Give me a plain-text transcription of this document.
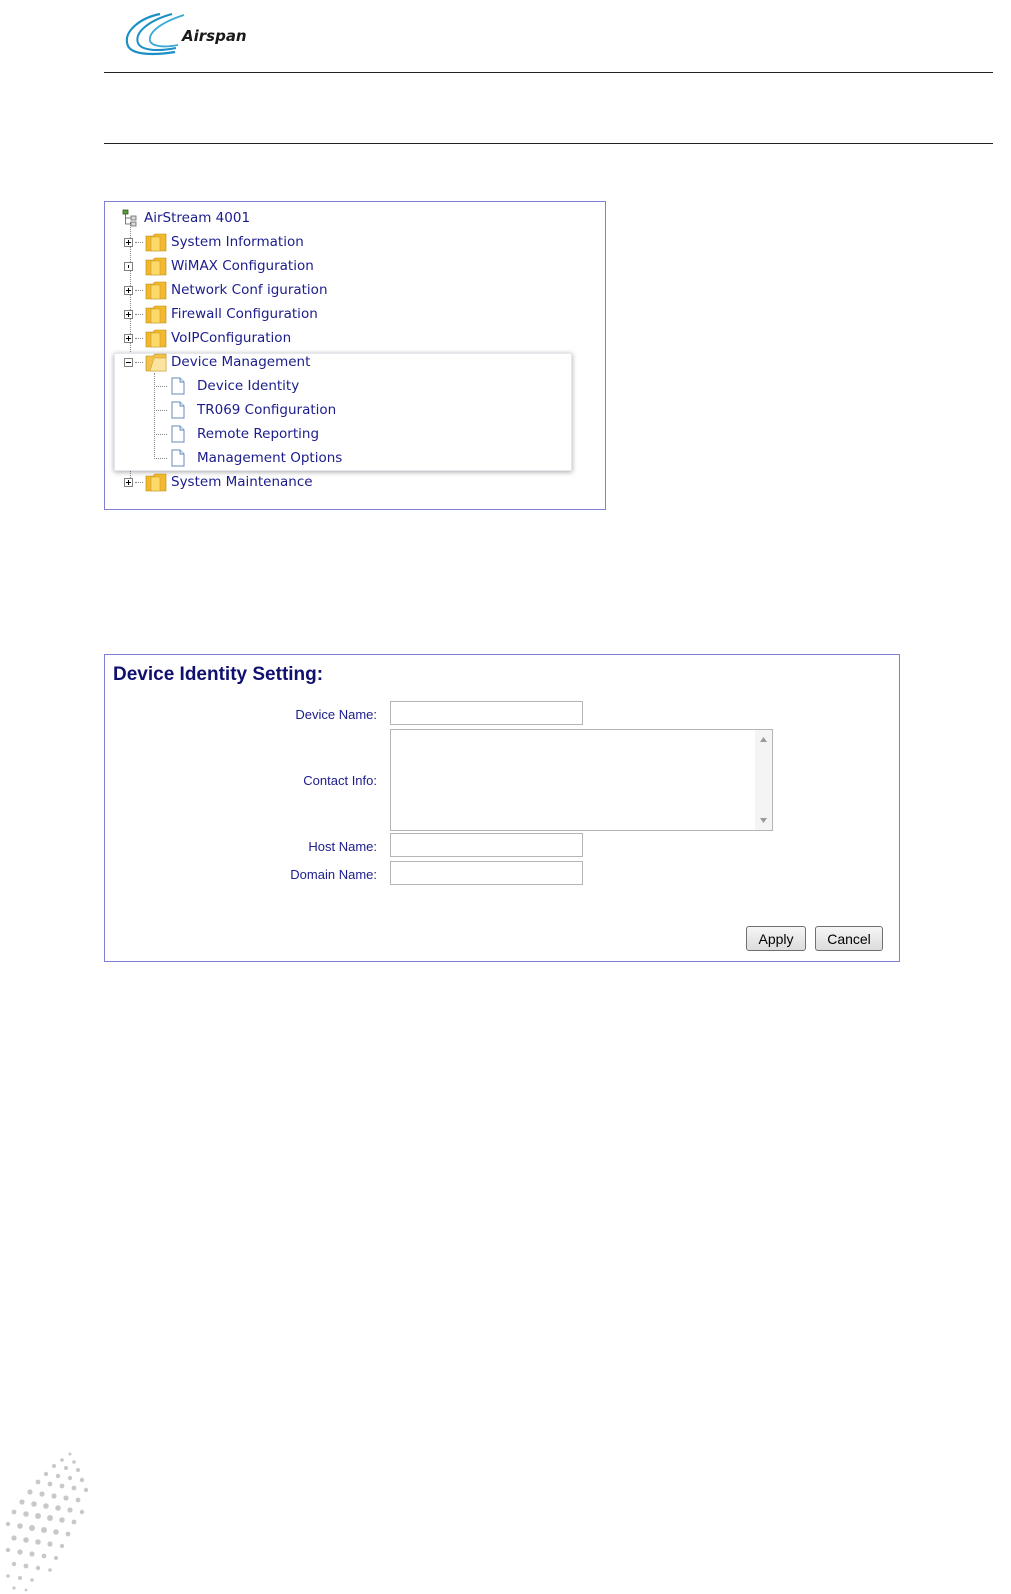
Airspan
AirStream 4001
System Information
WiMAX Configuration
Network Conf iguration
Firewall Configuration
VoIPConfiguration
Device Management
Device Identity
TR069 Configuration
Remote Reporting
Management Options
System Maintenance
Device Identity Setting:
Device Name:
Contact Info:
Host Name:
Domain Name:
Apply	Cancel
